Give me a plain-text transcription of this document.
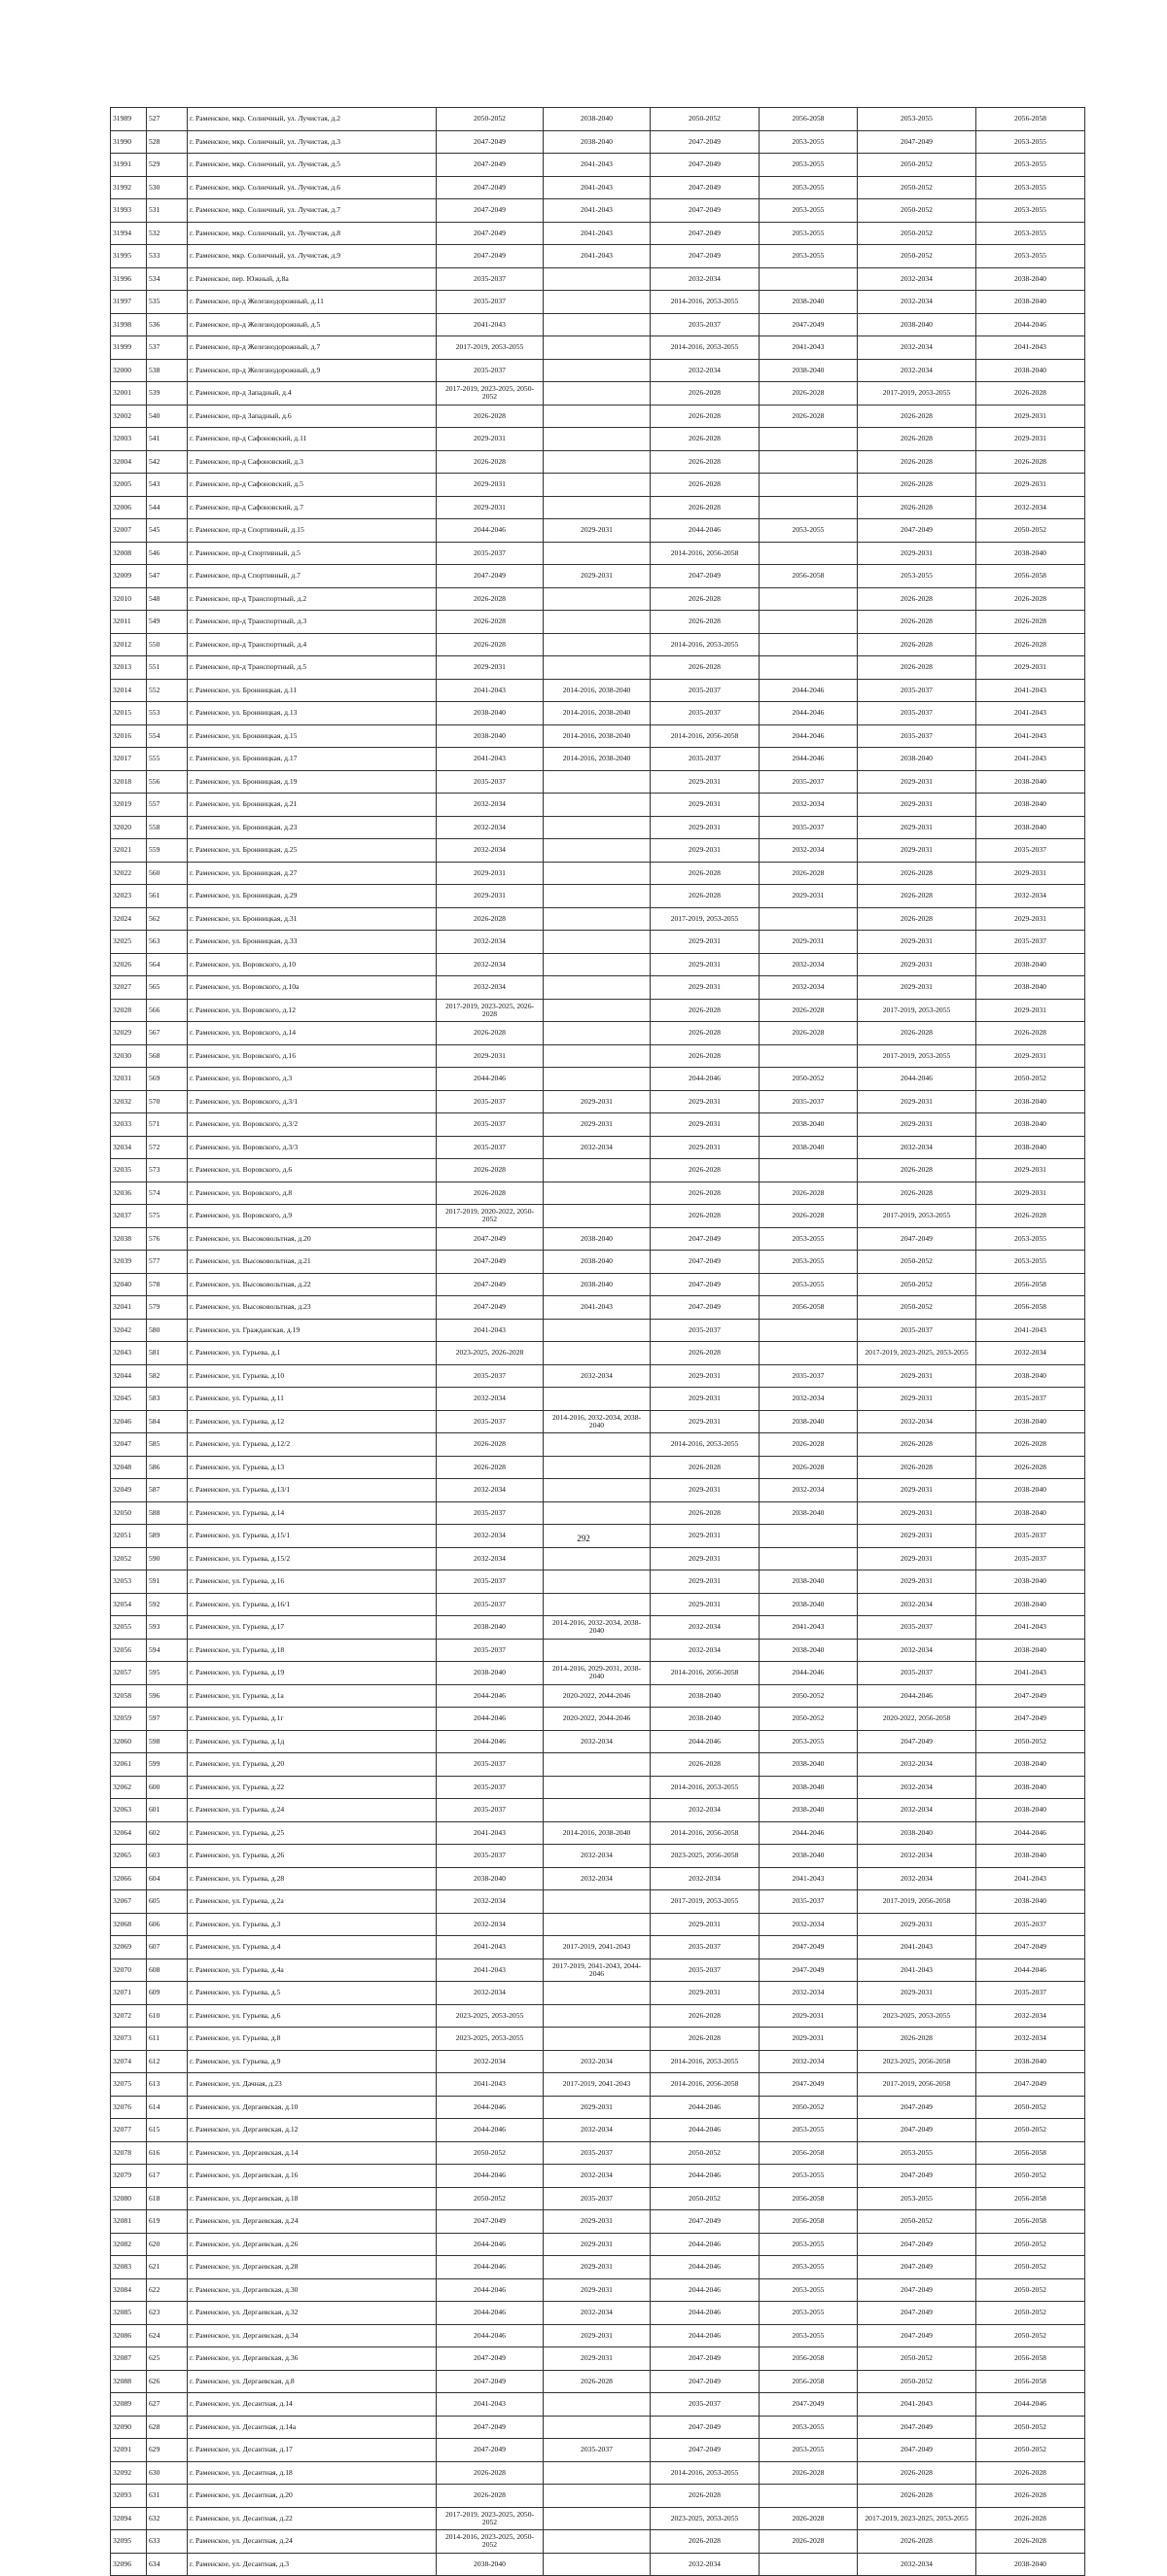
31989	527	г. Раменское, мкр. Солнечный, ул. Лучистая, д.2	2050-2052	2038-2040	2050-2052	2056-2058	2053-2055	2056-2058
31990	528	г. Раменское, мкр. Солнечный, ул. Лучистая, д.3	2047-2049	2038-2040	2047-2049	2053-2055	2047-2049	2053-2055
31991	529	г. Раменское, мкр. Солнечный, ул. Лучистая, д.5	2047-2049	2041-2043	2047-2049	2053-2055	2050-2052	2053-2055
31992	530	г. Раменское, мкр. Солнечный, ул. Лучистая, д.6	2047-2049	2041-2043	2047-2049	2053-2055	2050-2052	2053-2055
31993	531	г. Раменское, мкр. Солнечный, ул. Лучистая, д.7	2047-2049	2041-2043	2047-2049	2053-2055	2050-2052	2053-2055
31994	532	г. Раменское, мкр. Солнечный, ул. Лучистая, д.8	2047-2049	2041-2043	2047-2049	2053-2055	2050-2052	2053-2055
31995	533	г. Раменское, мкр. Солнечный, ул. Лучистая, д.9	2047-2049	2041-2043	2047-2049	2053-2055	2050-2052	2053-2055
31996	534	г. Раменское, пер. Южный, д.8а	2035-2037		2032-2034		2032-2034	2038-2040
31997	535	г. Раменское, пр-д Железнодорожный, д.11	2035-2037		2014-2016, 2053-2055	2038-2040	2032-2034	2038-2040
31998	536	г. Раменское, пр-д Железнодорожный, д.5	2041-2043		2035-2037	2047-2049	2038-2040	2044-2046
31999	537	г. Раменское, пр-д Железнодорожный, д.7	2017-2019, 2053-2055		2014-2016, 2053-2055	2041-2043	2032-2034	2041-2043
32000	538	г. Раменское, пр-д Железнодорожный, д.9	2035-2037		2032-2034	2038-2040	2032-2034	2038-2040
32001	539	г. Раменское, пр-д Западный, д.4	2017-2019, 2023-2025, 2050-2052		2026-2028	2026-2028	2017-2019, 2053-2055	2026-2028
32002	540	г. Раменское, пр-д Западный, д.6	2026-2028		2026-2028	2026-2028	2026-2028	2029-2031
32003	541	г. Раменское, пр-д Сафоновский, д.11	2029-2031		2026-2028		2026-2028	2029-2031
32004	542	г. Раменское, пр-д Сафоновский, д.3	2026-2028		2026-2028		2026-2028	2026-2028
32005	543	г. Раменское, пр-д Сафоновский, д.5	2029-2031		2026-2028		2026-2028	2029-2031
32006	544	г. Раменское, пр-д Сафоновский, д.7	2029-2031		2026-2028		2026-2028	2032-2034
32007	545	г. Раменское, пр-д Спортивный, д.15	2044-2046	2029-2031	2044-2046	2053-2055	2047-2049	2050-2052
32008	546	г. Раменское, пр-д Спортивный, д.5	2035-2037		2014-2016, 2056-2058		2029-2031	2038-2040
32009	547	г. Раменское, пр-д Спортивный, д.7	2047-2049	2029-2031	2047-2049	2056-2058	2053-2055	2056-2058
32010	548	г. Раменское, пр-д Транспортный, д.2	2026-2028		2026-2028		2026-2028	2026-2028
32011	549	г. Раменское, пр-д Транспортный, д.3	2026-2028		2026-2028		2026-2028	2026-2028
32012	550	г. Раменское, пр-д Транспортный, д.4	2026-2028		2014-2016, 2053-2055		2026-2028	2026-2028
32013	551	г. Раменское, пр-д Транспортный, д.5	2029-2031		2026-2028		2026-2028	2029-2031
32014	552	г. Раменское, ул. Бронницкая, д.11	2041-2043	2014-2016, 2038-2040	2035-2037	2044-2046	2035-2037	2041-2043
32015	553	г. Раменское, ул. Бронницкая, д.13	2038-2040	2014-2016, 2038-2040	2035-2037	2044-2046	2035-2037	2041-2043
32016	554	г. Раменское, ул. Бронницкая, д.15	2038-2040	2014-2016, 2038-2040	2014-2016, 2056-2058	2044-2046	2035-2037	2041-2043
32017	555	г. Раменское, ул. Бронницкая, д.17	2041-2043	2014-2016, 2038-2040	2035-2037	2044-2046	2038-2040	2041-2043
32018	556	г. Раменское, ул. Бронницкая, д.19	2035-2037		2029-2031	2035-2037	2029-2031	2038-2040
32019	557	г. Раменское, ул. Бронницкая, д.21	2032-2034		2029-2031	2032-2034	2029-2031	2038-2040
32020	558	г. Раменское, ул. Бронницкая, д.23	2032-2034		2029-2031	2035-2037	2029-2031	2038-2040
32021	559	г. Раменское, ул. Бронницкая, д.25	2032-2034		2029-2031	2032-2034	2029-2031	2035-2037
32022	560	г. Раменское, ул. Бронницкая, д.27	2029-2031		2026-2028	2026-2028	2026-2028	2029-2031
32023	561	г. Раменское, ул. Бронницкая, д.29	2029-2031		2026-2028	2029-2031	2026-2028	2032-2034
32024	562	г. Раменское, ул. Бронницкая, д.31	2026-2028		2017-2019, 2053-2055		2026-2028	2029-2031
32025	563	г. Раменское, ул. Бронницкая, д.33	2032-2034		2029-2031	2029-2031	2029-2031	2035-2037
32026	564	г. Раменское, ул. Воровского, д.10	2032-2034		2029-2031	2032-2034	2029-2031	2038-2040
32027	565	г. Раменское, ул. Воровского, д.10а	2032-2034		2029-2031	2032-2034	2029-2031	2038-2040
32028	566	г. Раменское, ул. Воровского, д.12	2017-2019, 2023-2025, 2026-2028		2026-2028	2026-2028	2017-2019, 2053-2055	2029-2031
32029	567	г. Раменское, ул. Воровского, д.14	2026-2028		2026-2028	2026-2028	2026-2028	2026-2028
32030	568	г. Раменское, ул. Воровского, д.16	2029-2031		2026-2028		2017-2019, 2053-2055	2029-2031
32031	569	г. Раменское, ул. Воровского, д.3	2044-2046		2044-2046	2050-2052	2044-2046	2050-2052
32032	570	г. Раменское, ул. Воровского, д.3/1	2035-2037	2029-2031	2029-2031	2035-2037	2029-2031	2038-2040
32033	571	г. Раменское, ул. Воровского, д.3/2	2035-2037	2029-2031	2029-2031	2038-2040	2029-2031	2038-2040
32034	572	г. Раменское, ул. Воровского, д.3/3	2035-2037	2032-2034	2029-2031	2038-2040	2032-2034	2038-2040
32035	573	г. Раменское, ул. Воровского, д.6	2026-2028		2026-2028		2026-2028	2029-2031
32036	574	г. Раменское, ул. Воровского, д.8	2026-2028		2026-2028	2026-2028	2026-2028	2029-2031
32037	575	г. Раменское, ул. Воровского, д.9	2017-2019, 2020-2022, 2050-2052		2026-2028	2026-2028	2017-2019, 2053-2055	2026-2028
32038	576	г. Раменское, ул. Высоковольтная, д.20	2047-2049	2038-2040	2047-2049	2053-2055	2047-2049	2053-2055
32039	577	г. Раменское, ул. Высоковольтная, д.21	2047-2049	2038-2040	2047-2049	2053-2055	2050-2052	2053-2055
32040	578	г. Раменское, ул. Высоковольтная, д.22	2047-2049	2038-2040	2047-2049	2053-2055	2050-2052	2056-2058
32041	579	г. Раменское, ул. Высоковольтная, д.23	2047-2049	2041-2043	2047-2049	2056-2058	2050-2052	2056-2058
32042	580	г. Раменское, ул. Гражданская, д.19	2041-2043		2035-2037		2035-2037	2041-2043
32043	581	г. Раменское, ул. Гурьева, д.1	2023-2025, 2026-2028		2026-2028		2017-2019, 2023-2025, 2053-2055	2032-2034
32044	582	г. Раменское, ул. Гурьева, д.10	2035-2037	2032-2034	2029-2031	2035-2037	2029-2031	2038-2040
32045	583	г. Раменское, ул. Гурьева, д.11	2032-2034		2029-2031	2032-2034	2029-2031	2035-2037
32046	584	г. Раменское, ул. Гурьева, д.12	2035-2037	2014-2016, 2032-2034, 2038-2040	2029-2031	2038-2040	2032-2034	2038-2040
32047	585	г. Раменское, ул. Гурьева, д.12/2	2026-2028		2014-2016, 2053-2055	2026-2028	2026-2028	2026-2028
32048	586	г. Раменское, ул. Гурьева, д.13	2026-2028		2026-2028	2026-2028	2026-2028	2026-2028
32049	587	г. Раменское, ул. Гурьева, д.13/1	2032-2034		2029-2031	2032-2034	2029-2031	2038-2040
32050	588	г. Раменское, ул. Гурьева, д.14	2035-2037		2026-2028	2038-2040	2029-2031	2038-2040
32051	589	г. Раменское, ул. Гурьева, д.15/1	2032-2034		2029-2031		2029-2031	2035-2037
32052	590	г. Раменское, ул. Гурьева, д.15/2	2032-2034		2029-2031		2029-2031	2035-2037
32053	591	г. Раменское, ул. Гурьева, д.16	2035-2037		2029-2031	2038-2040	2029-2031	2038-2040
32054	592	г. Раменское, ул. Гурьева, д.16/1	2035-2037		2029-2031	2038-2040	2032-2034	2038-2040
32055	593	г. Раменское, ул. Гурьева, д.17	2038-2040	2014-2016, 2032-2034, 2038-2040	2032-2034	2041-2043	2035-2037	2041-2043
32056	594	г. Раменское, ул. Гурьева, д.18	2035-2037		2032-2034	2038-2040	2032-2034	2038-2040
32057	595	г. Раменское, ул. Гурьева, д.19	2038-2040	2014-2016, 2029-2031, 2038-2040	2014-2016, 2056-2058	2044-2046	2035-2037	2041-2043
32058	596	г. Раменское, ул. Гурьева, д.1а	2044-2046	2020-2022, 2044-2046	2038-2040	2050-2052	2044-2046	2047-2049
32059	597	г. Раменское, ул. Гурьева, д.1г	2044-2046	2020-2022, 2044-2046	2038-2040	2050-2052	2020-2022, 2056-2058	2047-2049
32060	598	г. Раменское, ул. Гурьева, д.1д	2044-2046	2032-2034	2044-2046	2053-2055	2047-2049	2050-2052
32061	599	г. Раменское, ул. Гурьева, д.20	2035-2037		2026-2028	2038-2040	2032-2034	2038-2040
32062	600	г. Раменское, ул. Гурьева, д.22	2035-2037		2014-2016, 2053-2055	2038-2040	2032-2034	2038-2040
32063	601	г. Раменское, ул. Гурьева, д.24	2035-2037		2032-2034	2038-2040	2032-2034	2038-2040
32064	602	г. Раменское, ул. Гурьева, д.25	2041-2043	2014-2016, 2038-2040	2014-2016, 2056-2058	2044-2046	2038-2040	2044-2046
32065	603	г. Раменское, ул. Гурьева, д.26	2035-2037	2032-2034	2023-2025, 2056-2058	2038-2040	2032-2034	2038-2040
32066	604	г. Раменское, ул. Гурьева, д.28	2038-2040	2032-2034	2032-2034	2041-2043	2032-2034	2041-2043
32067	605	г. Раменское, ул. Гурьева, д.2а	2032-2034		2017-2019, 2053-2055	2035-2037	2017-2019, 2056-2058	2038-2040
32068	606	г. Раменское, ул. Гурьева, д.3	2032-2034		2029-2031	2032-2034	2029-2031	2035-2037
32069	607	г. Раменское, ул. Гурьева, д.4	2041-2043	2017-2019, 2041-2043	2035-2037	2047-2049	2041-2043	2047-2049
32070	608	г. Раменское, ул. Гурьева, д.4а	2041-2043	2017-2019, 2041-2043, 2044-2046	2035-2037	2047-2049	2041-2043	2044-2046
32071	609	г. Раменское, ул. Гурьева, д.5	2032-2034		2029-2031	2032-2034	2029-2031	2035-2037
32072	610	г. Раменское, ул. Гурьева, д.6	2023-2025, 2053-2055		2026-2028	2029-2031	2023-2025, 2053-2055	2032-2034
32073	611	г. Раменское, ул. Гурьева, д.8	2023-2025, 2053-2055		2026-2028	2029-2031	2026-2028	2032-2034
32074	612	г. Раменское, ул. Гурьева, д.9	2032-2034	2032-2034	2014-2016, 2053-2055	2032-2034	2023-2025, 2056-2058	2038-2040
32075	613	г. Раменское, ул. Дачная, д.23	2041-2043	2017-2019, 2041-2043	2014-2016, 2056-2058	2047-2049	2017-2019, 2056-2058	2047-2049
32076	614	г. Раменское, ул. Дергаевская, д.10	2044-2046	2029-2031	2044-2046	2050-2052	2047-2049	2050-2052
32077	615	г. Раменское, ул. Дергаевская, д.12	2044-2046	2032-2034	2044-2046	2053-2055	2047-2049	2050-2052
32078	616	г. Раменское, ул. Дергаевская, д.14	2050-2052	2035-2037	2050-2052	2056-2058	2053-2055	2056-2058
32079	617	г. Раменское, ул. Дергаевская, д.16	2044-2046	2032-2034	2044-2046	2053-2055	2047-2049	2050-2052
32080	618	г. Раменское, ул. Дергаевская, д.18	2050-2052	2035-2037	2050-2052	2056-2058	2053-2055	2056-2058
32081	619	г. Раменское, ул. Дергаевская, д.24	2047-2049	2029-2031	2047-2049	2056-2058	2050-2052	2056-2058
32082	620	г. Раменское, ул. Дергаевская, д.26	2044-2046	2029-2031	2044-2046	2053-2055	2047-2049	2050-2052
32083	621	г. Раменское, ул. Дергаевская, д.28	2044-2046	2029-2031	2044-2046	2053-2055	2047-2049	2050-2052
32084	622	г. Раменское, ул. Дергаевская, д.30	2044-2046	2029-2031	2044-2046	2053-2055	2047-2049	2050-2052
32085	623	г. Раменское, ул. Дергаевская, д.32	2044-2046	2032-2034	2044-2046	2053-2055	2047-2049	2050-2052
32086	624	г. Раменское, ул. Дергаевская, д.34	2044-2046	2029-2031	2044-2046	2053-2055	2047-2049	2050-2052
32087	625	г. Раменское, ул. Дергаевская, д.36	2047-2049	2029-2031	2047-2049	2056-2058	2050-2052	2056-2058
32088	626	г. Раменское, ул. Дергаевская, д.8	2047-2049	2026-2028	2047-2049	2056-2058	2050-2052	2056-2058
32089	627	г. Раменское, ул. Десантная, д.14	2041-2043		2035-2037	2047-2049	2041-2043	2044-2046
32090	628	г. Раменское, ул. Десантная, д.14а	2047-2049		2047-2049	2053-2055	2047-2049	2050-2052
32091	629	г. Раменское, ул. Десантная, д.17	2047-2049	2035-2037	2047-2049	2053-2055	2047-2049	2050-2052
32092	630	г. Раменское, ул. Десантная, д.18	2026-2028		2014-2016, 2053-2055	2026-2028	2026-2028	2026-2028
32093	631	г. Раменское, ул. Десантная, д.20	2026-2028		2026-2028		2026-2028	2026-2028
32094	632	г. Раменское, ул. Десантная, д.22	2017-2019, 2023-2025, 2050-2052		2023-2025, 2053-2055	2026-2028	2017-2019, 2023-2025, 2053-2055	2026-2028
32095	633	г. Раменское, ул. Десантная, д.24	2014-2016, 2023-2025, 2050-2052		2026-2028	2026-2028	2026-2028	2026-2028
32096	634	г. Раменское, ул. Десантная, д.3	2038-2040		2032-2034		2032-2034	2038-2040
292
